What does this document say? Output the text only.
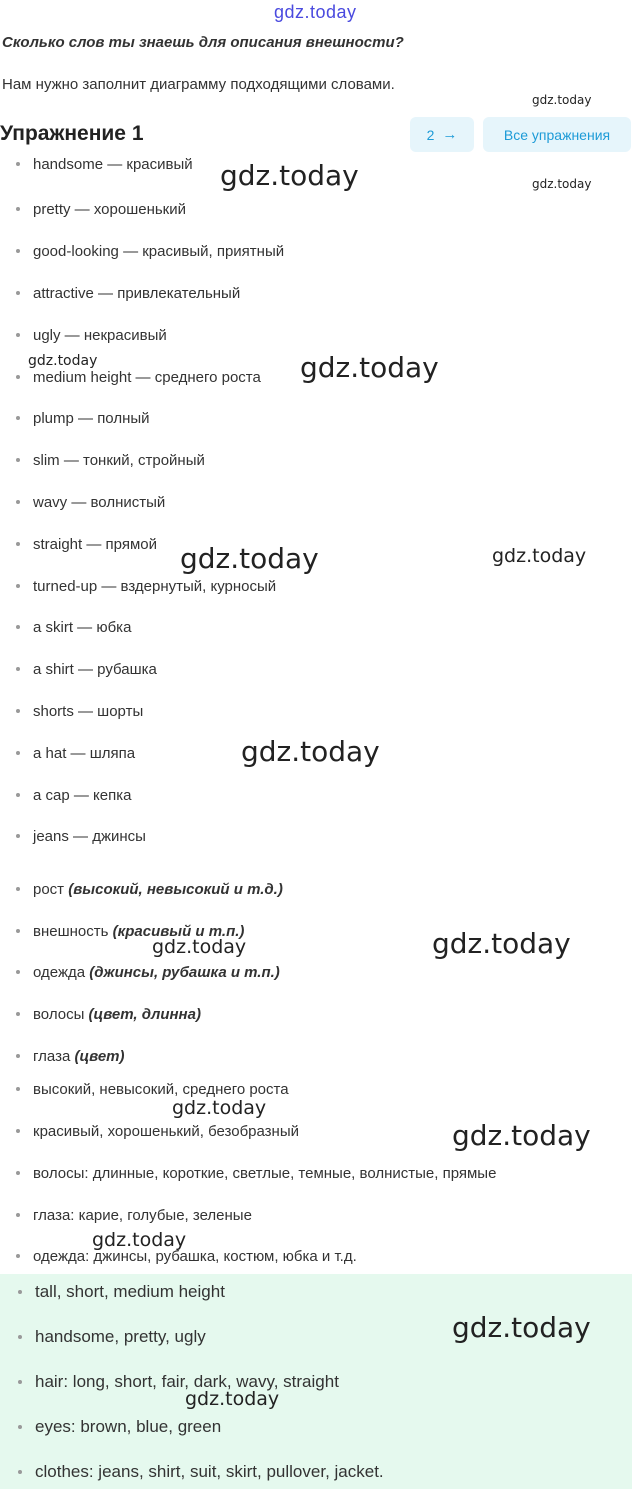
gdz.today
Сколько слов ты знаешь для описания внешности?
Нам нужно заполнит диаграмму подходящими словами.
Упражнение 1	2 →	Все упражнения
handsome — красивый
pretty — хорошенький
good-looking — красивый, приятный
attractive — привлекательный
ugly — некрасивый
medium height — среднего роста
plump — полный
slim — тонкий, стройный
wavy — волнистый
straight — прямой
turned-up — вздернутый, курносый
a skirt — юбка
a shirt — рубашка
shorts — шорты
a hat — шляпа
a cap — кепка
jeans — джинсы
рост (высокий, невысокий и т.д.)
внешность (красивый и т.п.)
одежда (джинсы, рубашка и т.п.)
волосы (цвет, длинна)
глаза (цвет)
высокий, невысокий, среднего роста
красивый, хорошенький, безобразный
волосы: длинные, короткие, светлые, темные, волнистые, прямые
глаза: карие, голубые, зеленые
одежда: джинсы, рубашка, костюм, юбка и т.д.
tall, short, medium height
handsome, pretty, ugly
hair: long, short, fair, dark, wavy, straight
eyes: brown, blue, green
clothes: jeans, shirt, suit, skirt, pullover, jacket.
gdz.today
gdz.today
gdz.today
gdz.today	gdz.today
gdz.today	gdz.today
gdz.today
gdz.today	gdz.today
gdz.today
gdz.today
gdz.today
gdz.today
gdz.today
